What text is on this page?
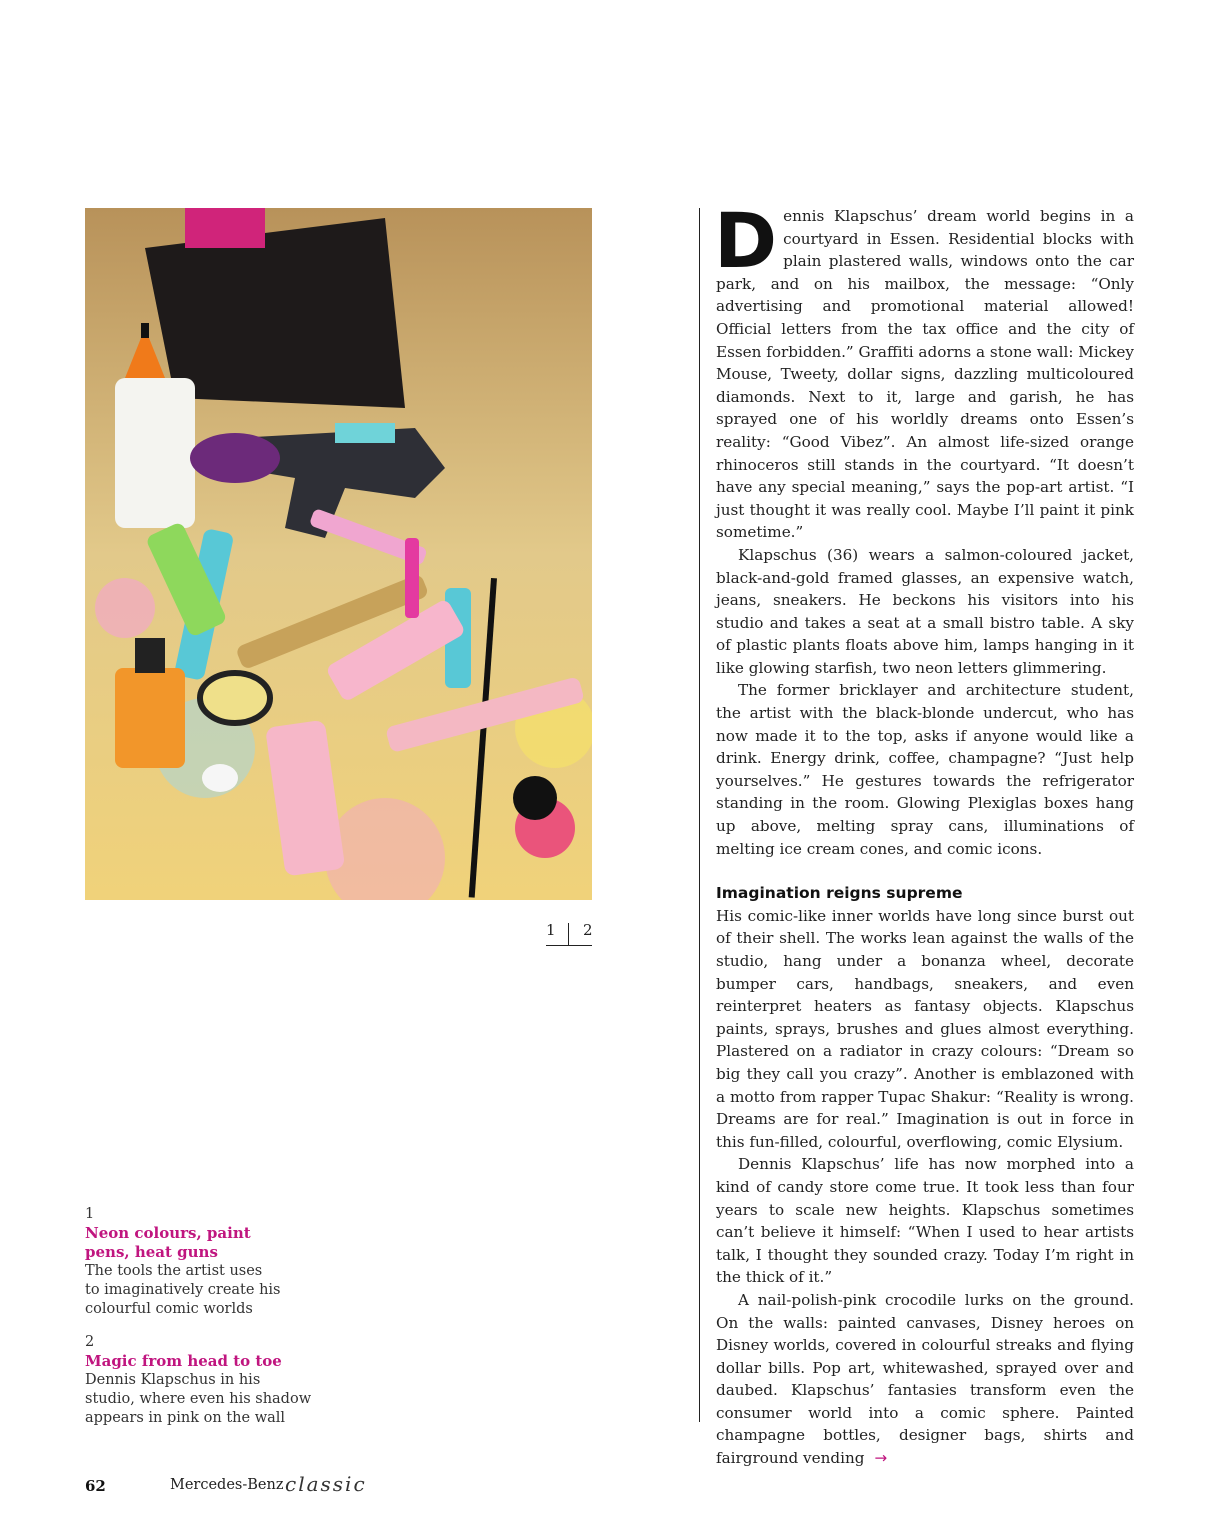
1 2
1
Neon colours, paint
pens, heat guns
The tools the artist uses
to imaginatively create his
colourful comic worlds
2
Magic from head to toe
Dennis Klapschus in his
studio, where even his shadow
appears in pink on the wall

Dennis Klapschus’ dream world begins in a courtyard in Essen. Residential blocks with plain plastered walls, windows onto the car park, and on his mailbox, the message: “Only advertising and promotional material allowed! Official letters from the tax office and the city of Essen forbidden.” Graffiti adorns a stone wall: Mickey Mouse, Tweety, dollar signs, dazzling multicoloured diamonds. Next to it, large and garish, he has sprayed one of his worldly dreams onto Essen’s reality: “Good Vibez”. An almost life-sized orange rhinoceros still stands in the courtyard. “It doesn’t have any special meaning,” says the pop-art artist. “I just thought it was really cool. Maybe I’ll paint it pink sometime.”

Klapschus (36) wears a salmon-coloured jacket, black-and-gold framed glasses, an expensive watch, jeans, sneakers. He beckons his visitors into his studio and takes a seat at a small bistro table. A sky of plastic plants floats above him, lamps hanging in it like glowing starfish, two neon letters glimmering.

The former bricklayer and architecture student, the artist with the black-blonde undercut, who has now made it to the top, asks if anyone would like a drink. Energy drink, coffee, champagne? “Just help yourselves.” He gestures towards the refrigerator standing in the room. Glowing Plexiglas boxes hang up above, melting spray cans, illuminations of melting ice cream cones, and comic icons.

Imagination reigns supreme

His comic-like inner worlds have long since burst out of their shell. The works lean against the walls of the studio, hang under a bonanza wheel, decorate bumper cars, handbags, sneakers, and even reinterpret heaters as fantasy objects. Klapschus paints, sprays, brushes and glues almost everything. Plastered on a radiator in crazy colours: “Dream so big they call you crazy”. Another is emblazoned with a motto from rapper Tupac Shakur: “Reality is wrong. Dreams are for real.” Imagination is out in force in this fun-filled, colourful, overflowing, comic Elysium.

Dennis Klapschus’ life has now morphed into a kind of candy store come true. It took less than four years to scale new heights. Klapschus sometimes can’t believe it himself: “When I used to hear artists talk, I thought they sounded crazy. Today I’m right in the thick of it.”

A nail-polish-pink crocodile lurks on the ground. On the walls: painted canvases, Disney heroes on Disney worlds, covered in colourful streaks and flying dollar bills. Pop art, whitewashed, sprayed over and daubed. Klapschus’ fantasies transform even the consumer world into a comic sphere. Painted champagne bottles, designer bags, shirts and fairground vending →

62	Mercedes-Benz classic
